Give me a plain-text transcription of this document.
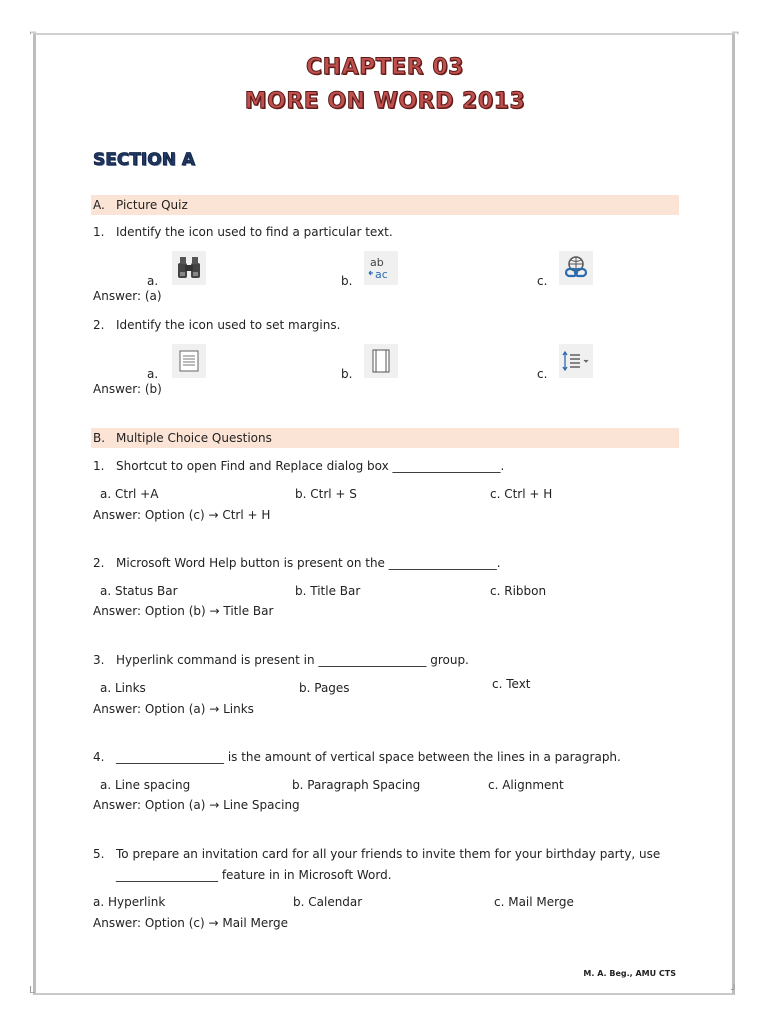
⌐	¬
L	┘
CHAPTER 03
MORE ON WORD 2013
SECTION A
A. Picture Quiz
1. Identify the icon used to find a particular text.
a.	b.
ab
ac	c.
Answer: (a)
2. Identify the icon used to set margins.
a.	b.	c.
Answer: (b)
B. Multiple Choice Questions
1. Shortcut to open Find and Replace dialog box __________________.
a. Ctrl +A	b. Ctrl + S	c. Ctrl + H
Answer: Option (c) → Ctrl + H
2. Microsoft Word Help button is present on the __________________.
a. Status Bar	b. Title Bar	c. Ribbon
Answer: Option (b) → Title Bar
3. Hyperlink command is present in __________________ group.
a. Links	b. Pages	c. Text
Answer: Option (a) → Links
4. __________________ is the amount of vertical space between the lines in a paragraph.
a. Line spacing	b. Paragraph Spacing	c. Alignment
Answer: Option (a) → Line Spacing
5. To prepare an invitation card for all your friends to invite them for your birthday party, use
_________________ feature in in Microsoft Word.
a. Hyperlink	b. Calendar	c. Mail Merge
Answer: Option (c) → Mail Merge
M. A. Beg., AMU CTS
